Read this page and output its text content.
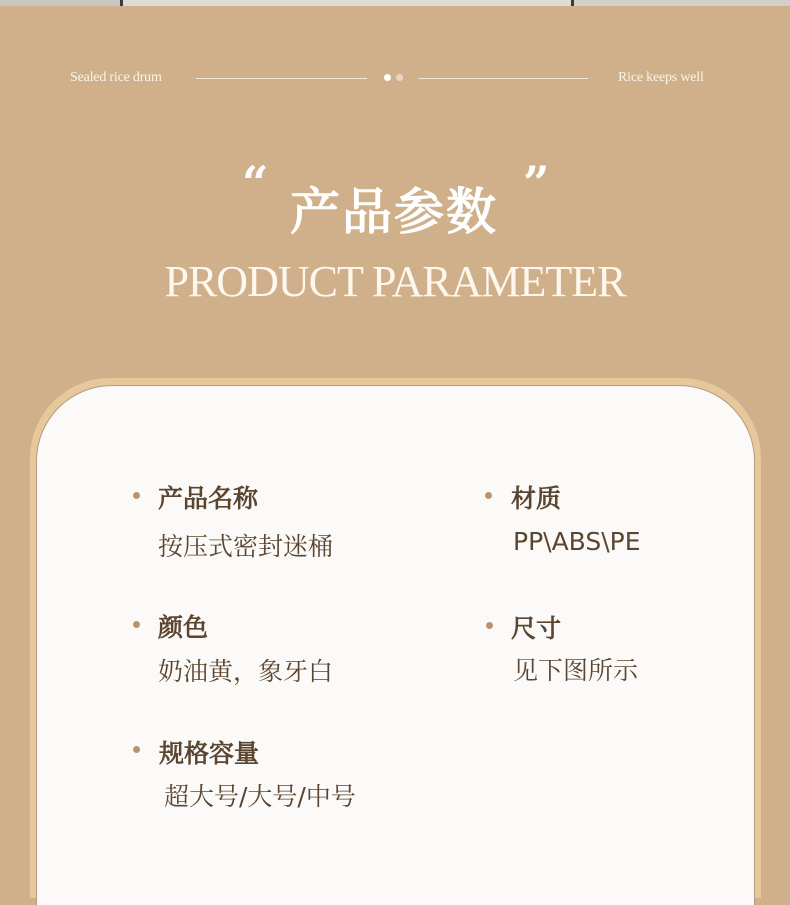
Sealed rice drum	Rice keeps well
“ 产品参数 ”
PRODUCT PARAMETER
产品名称
按压式密封迷桶
材质
PP\ABS\PE
颜色
奶油黄，象牙白
尺寸
见下图所示
规格容量
超大号/大号/中号
